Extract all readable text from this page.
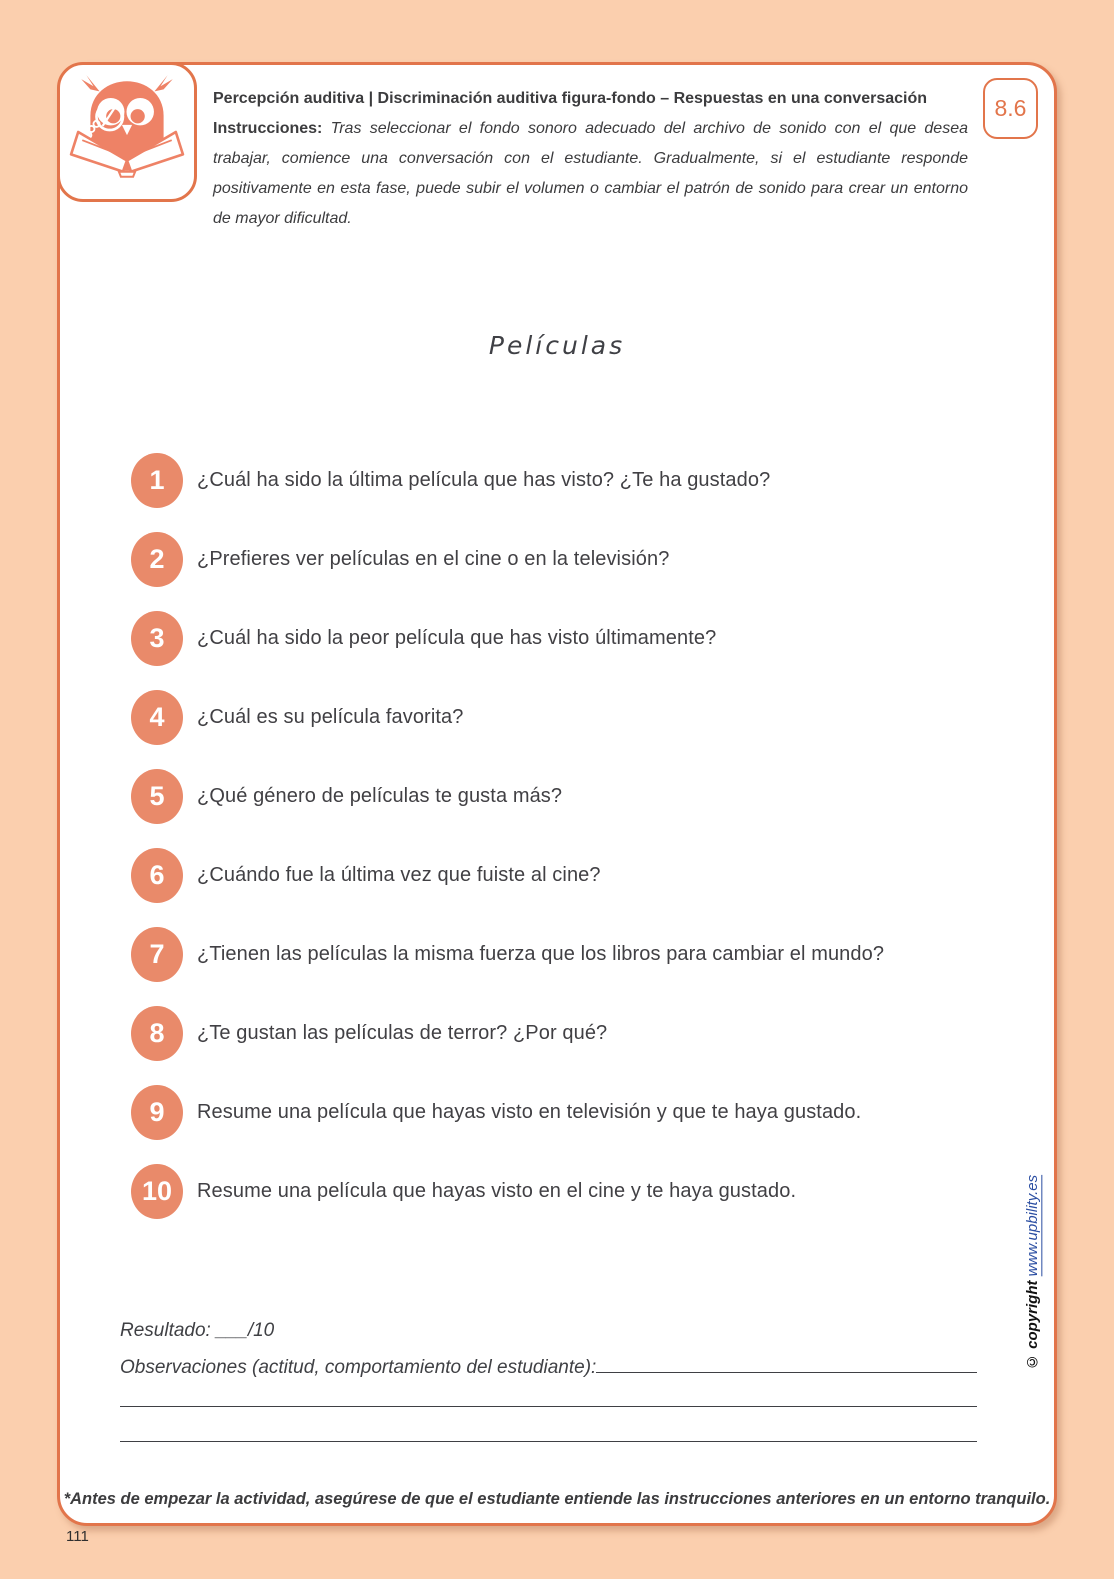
Percepción auditiva | Discriminación auditiva figura-fondo – Respuestas en una conversación
Instrucciones: Tras seleccionar el fondo sonoro adecuado del archivo de sonido con el que desea trabajar, comience una conversación con el estudiante. Gradualmente, si el estudiante responde positivamente en esta fase, puede subir el volumen o cambiar el patrón de sonido para crear un entorno de mayor dificultad.
8.6
Películas
1	¿Cuál ha sido la última película que has visto? ¿Te ha gustado?
2	¿Prefieres ver películas en el cine o en la televisión?
3	¿Cuál ha sido la peor película que has visto últimamente?
4	¿Cuál es su película favorita?
5	¿Qué género de películas te gusta más?
6	¿Cuándo fue la última vez que fuiste al cine?
7	¿Tienen las películas la misma fuerza que los libros para cambiar el mundo?
8	¿Te gustan las películas de terror? ¿Por qué?
9	Resume una película que hayas visto en televisión y que te haya gustado.
10	Resume una película que hayas visto en el cine y te haya gustado.
Resultado: ___/10
Observaciones (actitud, comportamiento del estudiante):
*Antes de empezar la actividad, asegúrese de que el estudiante entiende las instrucciones anteriores en un entorno tranquilo.
© copyright www.upbility.es
111
